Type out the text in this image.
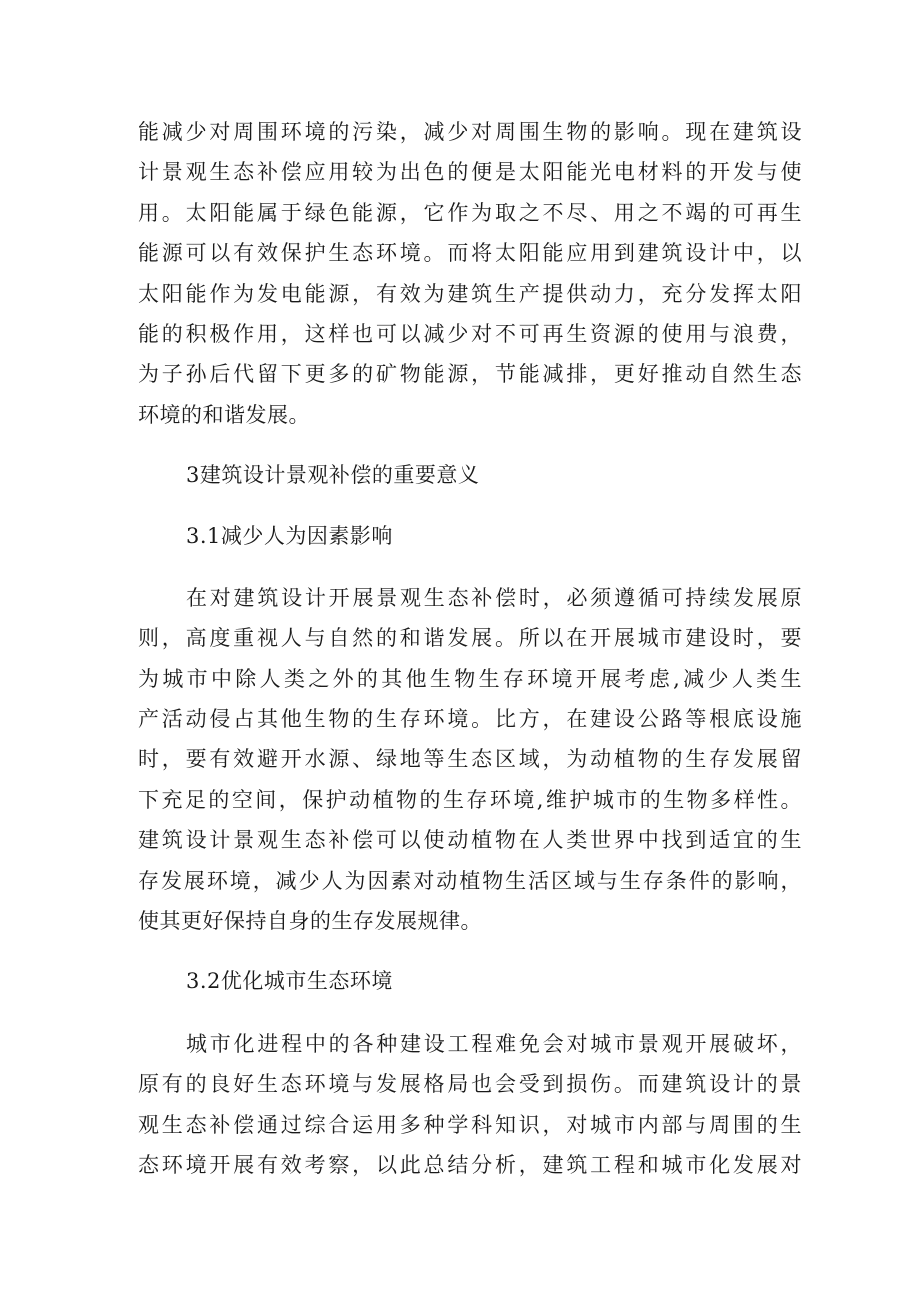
能减少对周围环境的污染，减少对周围生物的影响。现在建筑设
计景观生态补偿应用较为出色的便是太阳能光电材料的开发与使
用。太阳能属于绿色能源，它作为取之不尽、用之不竭的可再生
能源可以有效保护生态环境。而将太阳能应用到建筑设计中，以
太阳能作为发电能源，有效为建筑生产提供动力，充分发挥太阳
能的积极作用，这样也可以减少对不可再生资源的使用与浪费，
为子孙后代留下更多的矿物能源，节能减排，更好推动自然生态
环境的和谐发展。
3建筑设计景观补偿的重要意义
3.1减少人为因素影响
在对建筑设计开展景观生态补偿时，必须遵循可持续发展原
则，高度重视人与自然的和谐发展。所以在开展城市建设时，要
为城市中除人类之外的其他生物生存环境开展考虑,减少人类生
产活动侵占其他生物的生存环境。比方，在建设公路等根底设施
时，要有效避开水源、绿地等生态区域，为动植物的生存发展留
下充足的空间，保护动植物的生存环境,维护城市的生物多样性。
建筑设计景观生态补偿可以使动植物在人类世界中找到适宜的生
存发展环境，减少人为因素对动植物生活区域与生存条件的影响，
使其更好保持自身的生存发展规律。
3.2优化城市生态环境
城市化进程中的各种建设工程难免会对城市景观开展破坏，
原有的良好生态环境与发展格局也会受到损伤。而建筑设计的景
观生态补偿通过综合运用多种学科知识，对城市内部与周围的生
态环境开展有效考察，以此总结分析，建筑工程和城市化发展对
